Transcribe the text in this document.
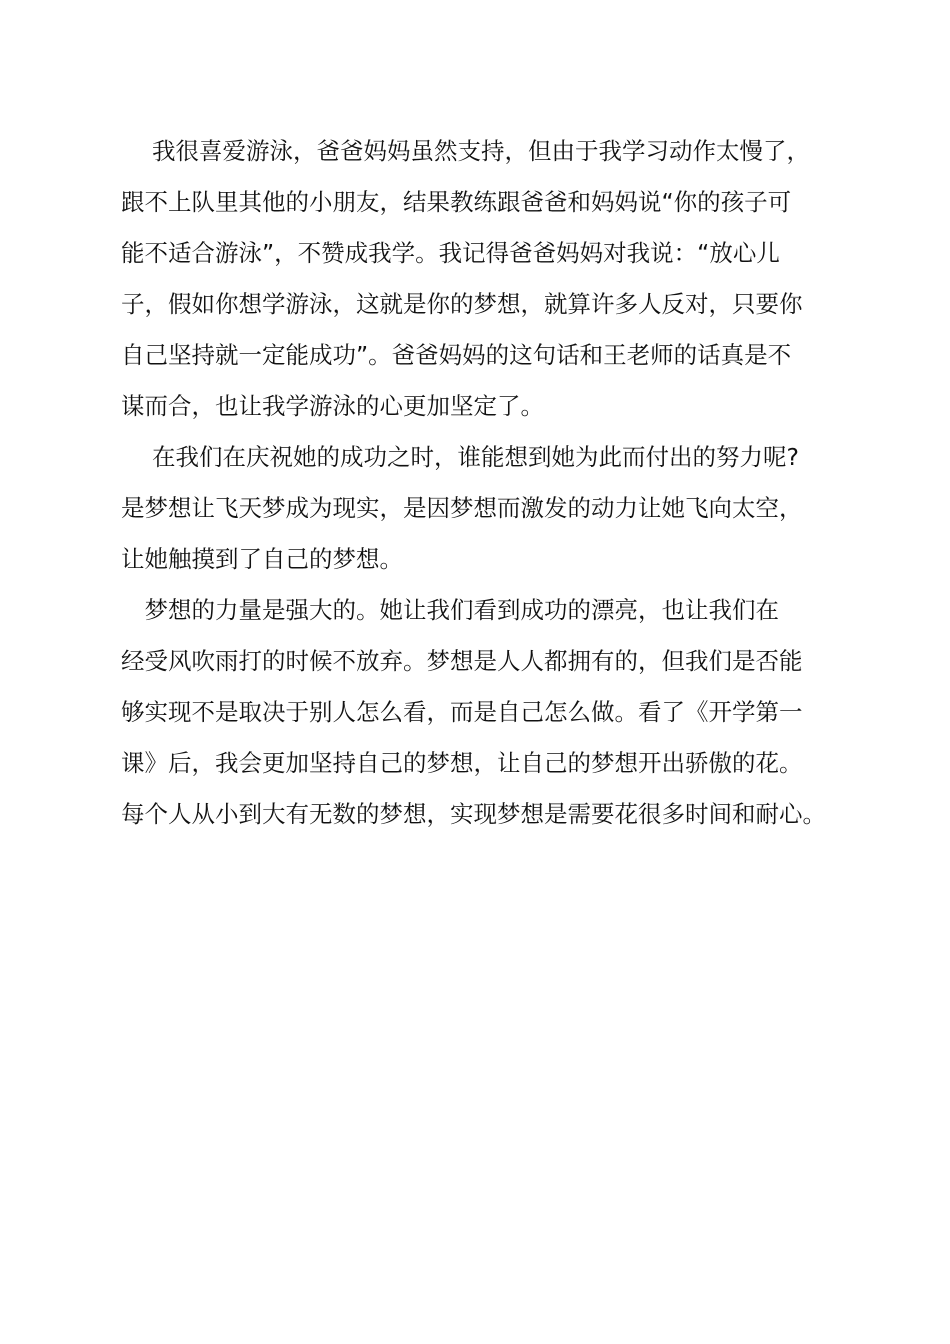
　 我很喜爱游泳，爸爸妈妈虽然支持，但由于我学习动作太慢了，
跟不上队里其他的小朋友，结果教练跟爸爸和妈妈说“你的孩子可
能不适合游泳”，不赞成我学。我记得爸爸妈妈对我说：“放心儿
子，假如你想学游泳，这就是你的梦想，就算许多人反对，只要你
自己坚持就一定能成功”。爸爸妈妈的这句话和王老师的话真是不
谋而合，也让我学游泳的心更加坚定了。
　 在我们在庆祝她的成功之时，谁能想到她为此而付出的努力呢?
是梦想让飞天梦成为现实，是因梦想而激发的动力让她飞向太空，
让她触摸到了自己的梦想。
　梦想的力量是强大的。她让我们看到成功的漂亮，也让我们在
经受风吹雨打的时候不放弃。梦想是人人都拥有的，但我们是否能
够实现不是取决于别人怎么看，而是自己怎么做。看了《开学第一
课》后，我会更加坚持自己的梦想，让自己的梦想开出骄傲的花。
每个人从小到大有无数的梦想，实现梦想是需要花很多时间和耐心。
